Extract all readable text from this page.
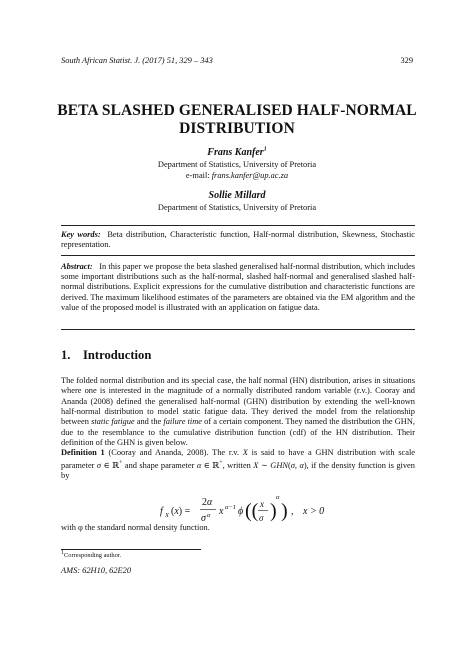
South African Statist. J. (2017) 51, 329 – 343	329
BETA SLASHED GENERALISED HALF-NORMAL
DISTRIBUTION
Frans Kanfer$^1$
Department of Statistics, University of Pretoria
e-mail: frans.kanfer@up.ac.za
Sollie Millard
Department of Statistics, University of Pretoria
Key words: Beta distribution, Characteristic function, Half-normal distribution, Skewness, Stochastic representation.
Abstract: In this paper we propose the beta slashed generalised half-normal distribution, which includes some important distributions such as the half-normal, slashed half-normal and generalised slashed half-normal distributions. Explicit expressions for the cumulative distribution and characteristic functions are derived. The maximum likelihood estimates of the parameters are obtained via the EM algorithm and the value of the proposed model is illustrated with an application on fatigue data.
1. Introduction
The folded normal distribution and its special case, the half normal (HN) distribution, arises in situations where one is interested in the magnitude of a normally distributed random variable (r.v.). Cooray and Ananda (2008) defined the generalised half-normal (GHN) distribution by extending the well-known half-normal distribution to model static fatigue data. They derived the model from the relationship between static fatigue and the failure time of a certain component. They named the distribution the GHN, due to the resemblance to the cumulative distribution function (cdf) of the HN distribution. Their definition of the GHN is given below.
Definition 1 (Cooray and Ananda, 2008). The r.v. X is said to have a GHN distribution with scale parameter σ ∈ ℝ+ and shape parameter α ∈ ℝ+, written X ∼ GHN(σ, α), if the density function is given by
f X (x) =
2α
σ α x α−1 ϕ (( x
σ )
α
) , x > 0
with φ the standard normal density function.
1Corresponding author.
AMS: 62H10, 62E20
